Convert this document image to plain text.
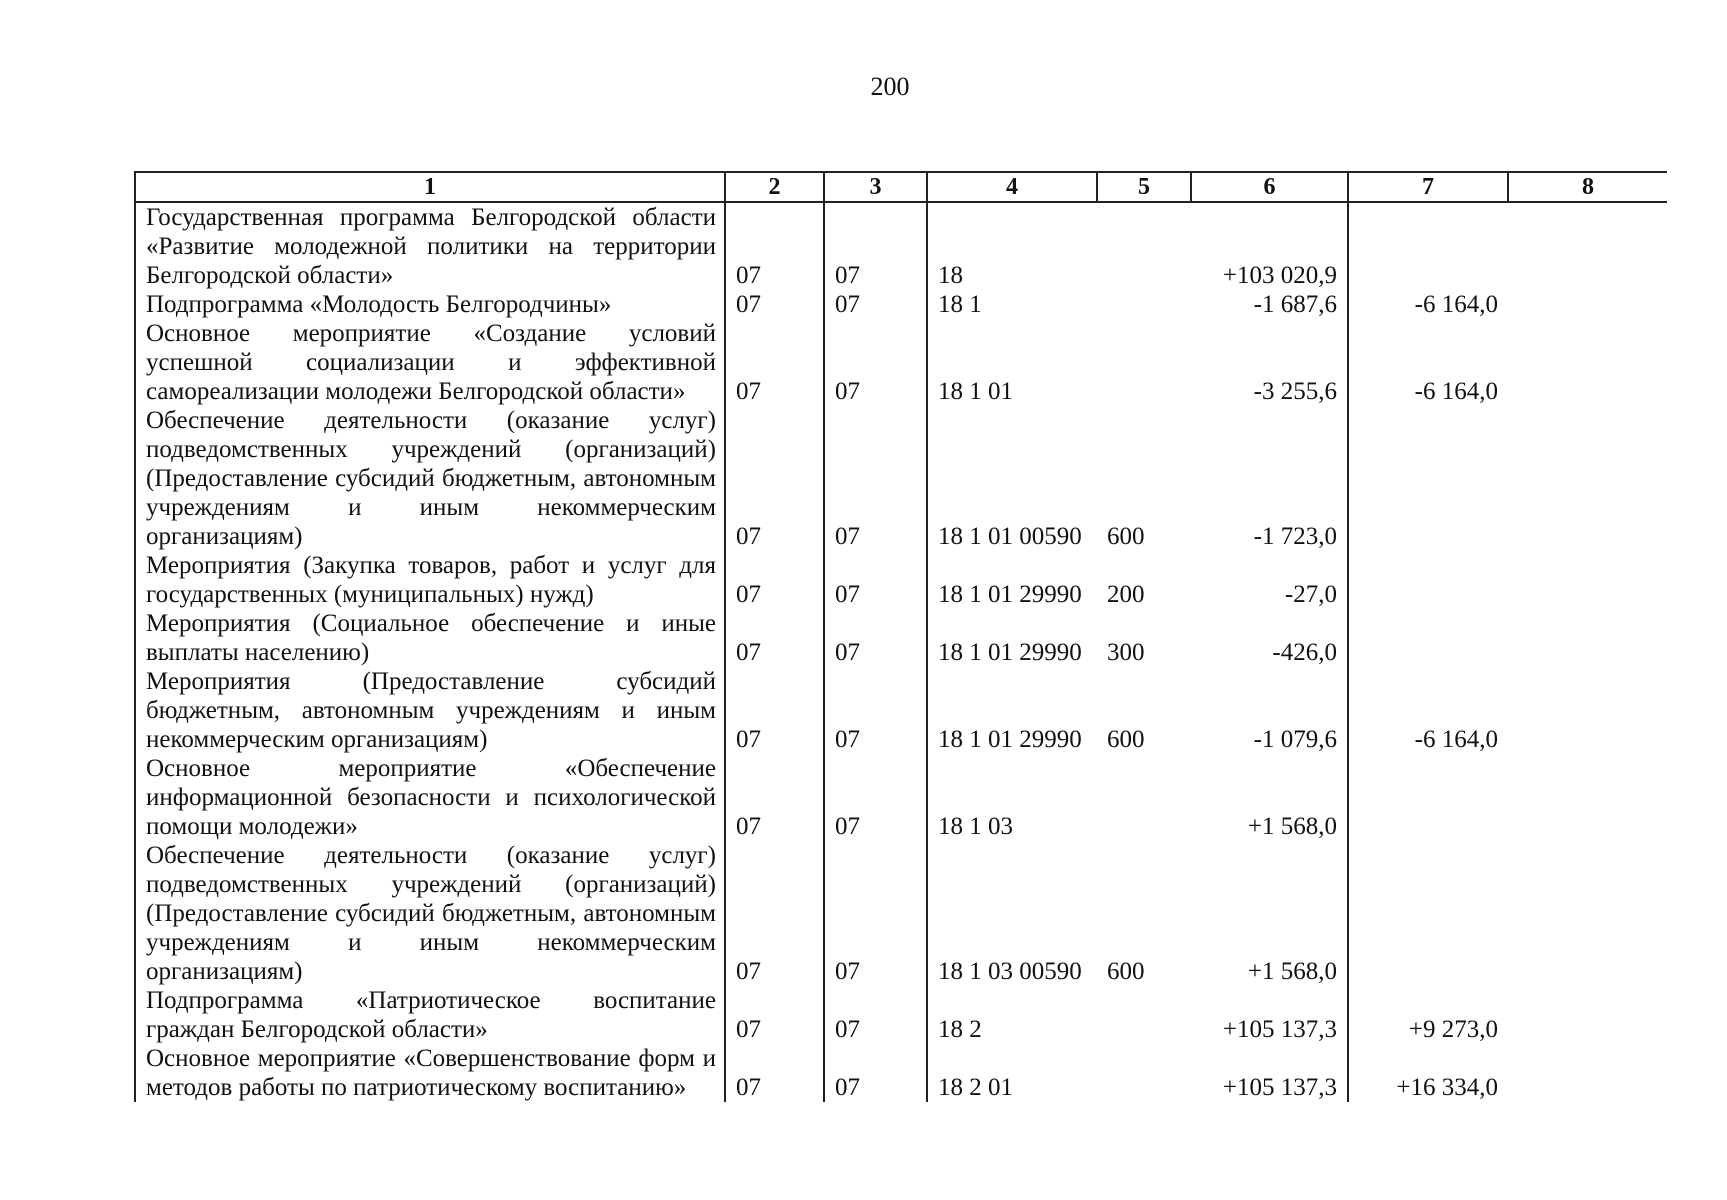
200
1	2	3	4	5	6	7	8
Государственная программа Белгородской области «Развитие молодежной политики на территории Белгородской области»	07	07	18		+103 020,9		
Подпрограмма «Молодость Белгородчины»	07	07	18 1		-1 687,6	-6 164,0	
Основное мероприятие «Создание условий успешной социализации и эффективной самореализации молодежи Белгородской области»	07	07	18 1 01		-3 255,6	-6 164,0	
Обеспечение деятельности (оказание услуг) подведомственных учреждений (организаций) (Предоставление субсидий бюджетным, автономным учреждениям и иным некоммерческим организациям)	07	07	18 1 01 00590	600	-1 723,0		
Мероприятия (Закупка товаров, работ и услуг для государственных (муниципальных) нужд)	07	07	18 1 01 29990	200	-27,0		
Мероприятия (Социальное обеспечение и иные выплаты населению)	07	07	18 1 01 29990	300	-426,0		
Мероприятия (Предоставление субсидий бюджетным, автономным учреждениям и иным некоммерческим организациям)	07	07	18 1 01 29990	600	-1 079,6	-6 164,0	
Основное мероприятие «Обеспечение информационной безопасности и психологической помощи молодежи»	07	07	18 1 03		+1 568,0		
Обеспечение деятельности (оказание услуг) подведомственных учреждений (организаций) (Предоставление субсидий бюджетным, автономным учреждениям и иным некоммерческим организациям)	07	07	18 1 03 00590	600	+1 568,0		
Подпрограмма «Патриотическое воспитание граждан Белгородской области»	07	07	18 2		+105 137,3	+9 273,0	
Основное мероприятие «Совершенствование форм и методов работы по патриотическому воспитанию»	07	07	18 2 01		+105 137,3	+16 334,0	
